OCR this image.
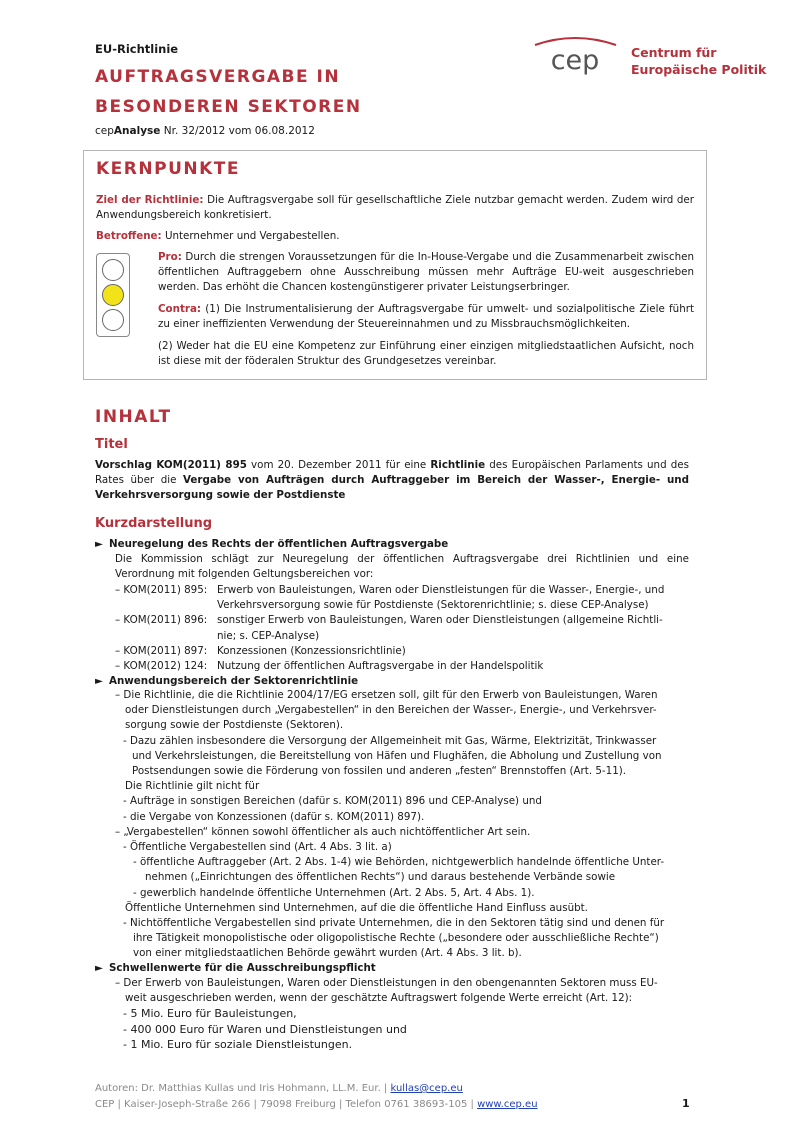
EU-Richtlinie
AUFTRAGSVERGABE IN BESONDEREN SEKTOREN
cepAnalyse Nr. 32/2012 vom 06.08.2012
cep	Centrum für
Europäische Politik
KERNPUNKTE
Ziel der Richtlinie: Die Auftragsvergabe soll für gesellschaftliche Ziele nutzbar gemacht werden. Zudem wird der Anwendungsbereich konkretisiert.
Betroffene: Unternehmer und Vergabestellen.
Pro: Durch die strengen Voraussetzungen für die In-House-Vergabe und die Zusammenarbeit zwischen öffentlichen Auftraggebern ohne Ausschreibung müssen mehr Aufträge EU-weit ausgeschrieben werden. Das erhöht die Chancen kostengünstigerer privater Leistungserbringer.
Contra: (1) Die Instrumentalisierung der Auftragsvergabe für umwelt- und sozialpolitische Ziele führt zu einer ineffizienten Verwendung der Steuereinnahmen und zu Missbrauchsmöglichkeiten.
(2) Weder hat die EU eine Kompetenz zur Einführung einer einzigen mitgliedstaatlichen Aufsicht, noch ist diese mit der föderalen Struktur des Grundgesetzes vereinbar.
INHALT
Titel
Vorschlag KOM(2011) 895 vom 20. Dezember 2011 für eine Richtlinie des Europäischen Parlaments und des Rates über die Vergabe von Aufträgen durch Auftraggeber im Bereich der Wasser-, Energie- und Verkehrsversorgung sowie der Postdienste
Kurzdarstellung
► Neuregelung des Rechts der öffentlichen Auftragsvergabe
Die Kommission schlägt zur Neuregelung der öffentlichen Auftragsvergabe drei Richtlinien und eine Verordnung mit folgenden Geltungsbereichen vor:
– KOM(2011) 895: Erwerb von Bauleistungen, Waren oder Dienstleistungen für die Wasser-, Energie-, und
Verkehrsversorgung sowie für Postdienste (Sektorenrichtlinie; s. diese CEP-Analyse)
– KOM(2011) 896: sonstiger Erwerb von Bauleistungen, Waren oder Dienstleistungen (allgemeine Richtli-
nie; s. CEP-Analyse)
– KOM(2011) 897: Konzessionen (Konzessionsrichtlinie)
– KOM(2012) 124: Nutzung der öffentlichen Auftragsvergabe in der Handelspolitik
► Anwendungsbereich der Sektorenrichtlinie
– Die Richtlinie, die die Richtlinie 2004/17/EG ersetzen soll, gilt für den Erwerb von Bauleistungen, Waren
oder Dienstleistungen durch „Vergabestellen“ in den Bereichen der Wasser-, Energie-, und Verkehrsver-
sorgung sowie der Postdienste (Sektoren).
- Dazu zählen insbesondere die Versorgung der Allgemeinheit mit Gas, Wärme, Elektrizität, Trinkwasser
und Verkehrsleistungen, die Bereitstellung von Häfen und Flughäfen, die Abholung und Zustellung von
Postsendungen sowie die Förderung von fossilen und anderen „festen“ Brennstoffen (Art. 5-11).
Die Richtlinie gilt nicht für
- Aufträge in sonstigen Bereichen (dafür s. KOM(2011) 896 und CEP-Analyse) und
- die Vergabe von Konzessionen (dafür s. KOM(2011) 897).
– „Vergabestellen“ können sowohl öffentlicher als auch nichtöffentlicher Art sein.
- Öffentliche Vergabestellen sind (Art. 4 Abs. 3 lit. a)
- öffentliche Auftraggeber (Art. 2 Abs. 1-4) wie Behörden, nichtgewerblich handelnde öffentliche Unter-
nehmen („Einrichtungen des öffentlichen Rechts“) und daraus bestehende Verbände sowie
- gewerblich handelnde öffentliche Unternehmen (Art. 2 Abs. 5, Art. 4 Abs. 1).
Öffentliche Unternehmen sind Unternehmen, auf die die öffentliche Hand Einfluss ausübt.
- Nichtöffentliche Vergabestellen sind private Unternehmen, die in den Sektoren tätig sind und denen für
ihre Tätigkeit monopolistische oder oligopolistische Rechte („besondere oder ausschließliche Rechte“)
von einer mitgliedstaatlichen Behörde gewährt wurden (Art. 4 Abs. 3 lit. b).
► Schwellenwerte für die Ausschreibungspflicht
– Der Erwerb von Bauleistungen, Waren oder Dienstleistungen in den obengenannten Sektoren muss EU-
weit ausgeschrieben werden, wenn der geschätzte Auftragswert folgende Werte erreicht (Art. 12):
- 5 Mio. Euro für Bauleistungen,
- 400 000 Euro für Waren und Dienstleistungen und
- 1 Mio. Euro für soziale Dienstleistungen.
Autoren: Dr. Matthias Kullas und Iris Hohmann, LL.M. Eur. | kullas@cep.eu
CEP | Kaiser-Joseph-Straße 266 | 79098 Freiburg | Telefon 0761 38693-105 | www.cep.eu	1
